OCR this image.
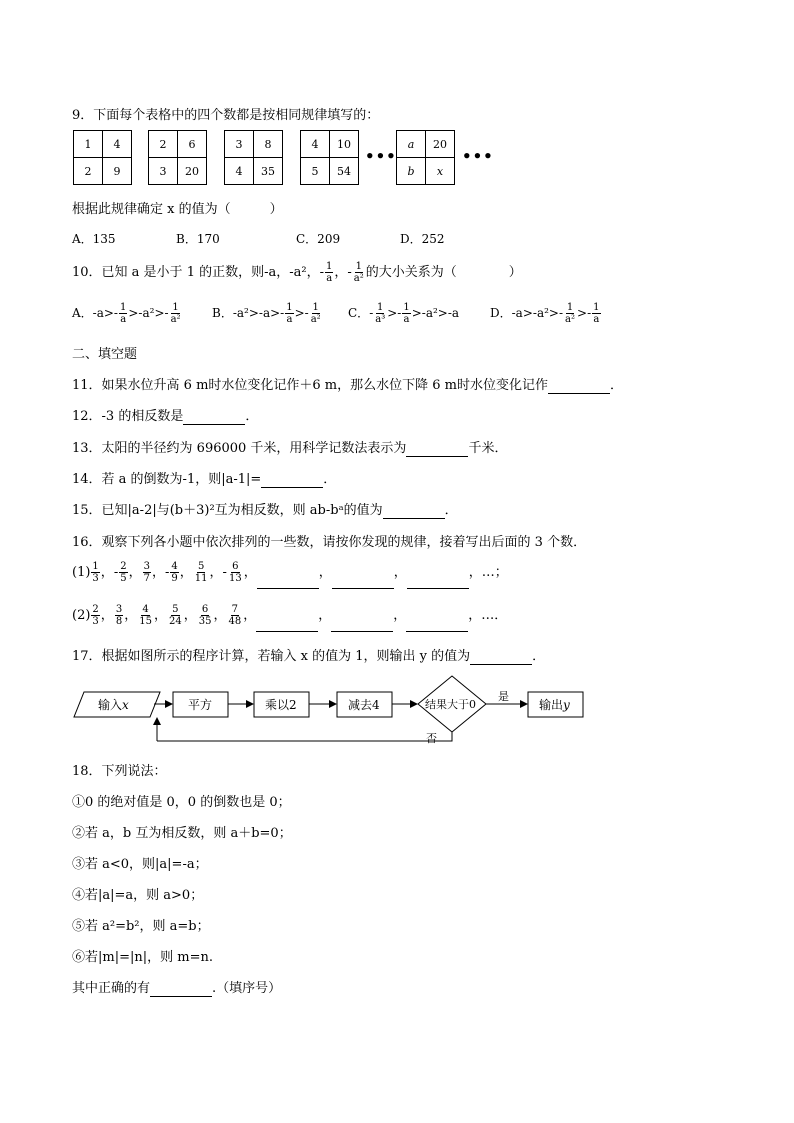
9．下面每个表格中的四个数都是按相同规律填写的：
1	4
2	9
2	6
3	20
3	8
4	35
4	10
5	54
•••
a	20
b	x
•••
根据此规律确定 x 的值为（　　　）
A．135	B．170	C．209	D．252
10．已知 a 是小于 1 的正数，则-a，-a²，- $\frac{1}{a}$ ，- $\frac{1}{\text{a²}}$ 的大小关系为（　　　　）
A．$-a>- \frac{1}{a} >-a^2>- \frac{1}{\text{a²}}$	B．$-a^2>-a>- \frac{1}{a} >- \frac{1}{\text{a²}}$ C．- $\frac{1}{\text{a³}} >- \frac{1}{a} >-a^2>-a$	D．$-a>-a^2>- \frac{1}{\text{a²}} >- \frac{1}{a}$
二、填空题
11．如果水位升高 6 m时水位变化记作＋6 m，那么水位下降 6 m时水位变化记作	．
12．-3 的相反数是	．
13．太阳的半径约为 696000 千米，用科学记数法表示为	千米．
14．若 a 的倒数为-1，则|a-1|=	．
15．已知|a-2|与(b＋3)²互为相反数，则 ab-bᵃ的值为	．
16．观察下列各小题中依次排列的一些数，请按你发现的规律，接着写出后面的 3 个数．
$(1) \frac{1}{3}$ ，- $\frac{2}{5}$ ， $\frac{3}{7}$ ，- $\frac{4}{9}$ ， $\frac{5}{11}$ ，- $\frac{6}{13}$ ，	，	，	，…；
$(2) \frac{2}{3}$ ， $\frac{3}{8}$ ， $\frac{4}{15}$ ， $\frac{5}{24}$ ， $\frac{6}{35}$ ， $\frac{7}{48}$ ，	，	，	，…．
17．根据如图所示的程序计算，若输入 x 的值为 1，则输出 y 的值为	．
输入x	平方	乘以2	减去4	结果大于0
是
输出y
否
18．下列说法：
①0 的绝对值是 0，0 的倒数也是 0；
②若 a，b 互为相反数，则 a＋b=0；
③若 a<0，则|a|=-a；
④若|a|=a，则 a>0；
⑤若 a²=b²，则 a=b；
⑥若|m|=|n|，则 m=n.
其中正确的有	.（填序号）
